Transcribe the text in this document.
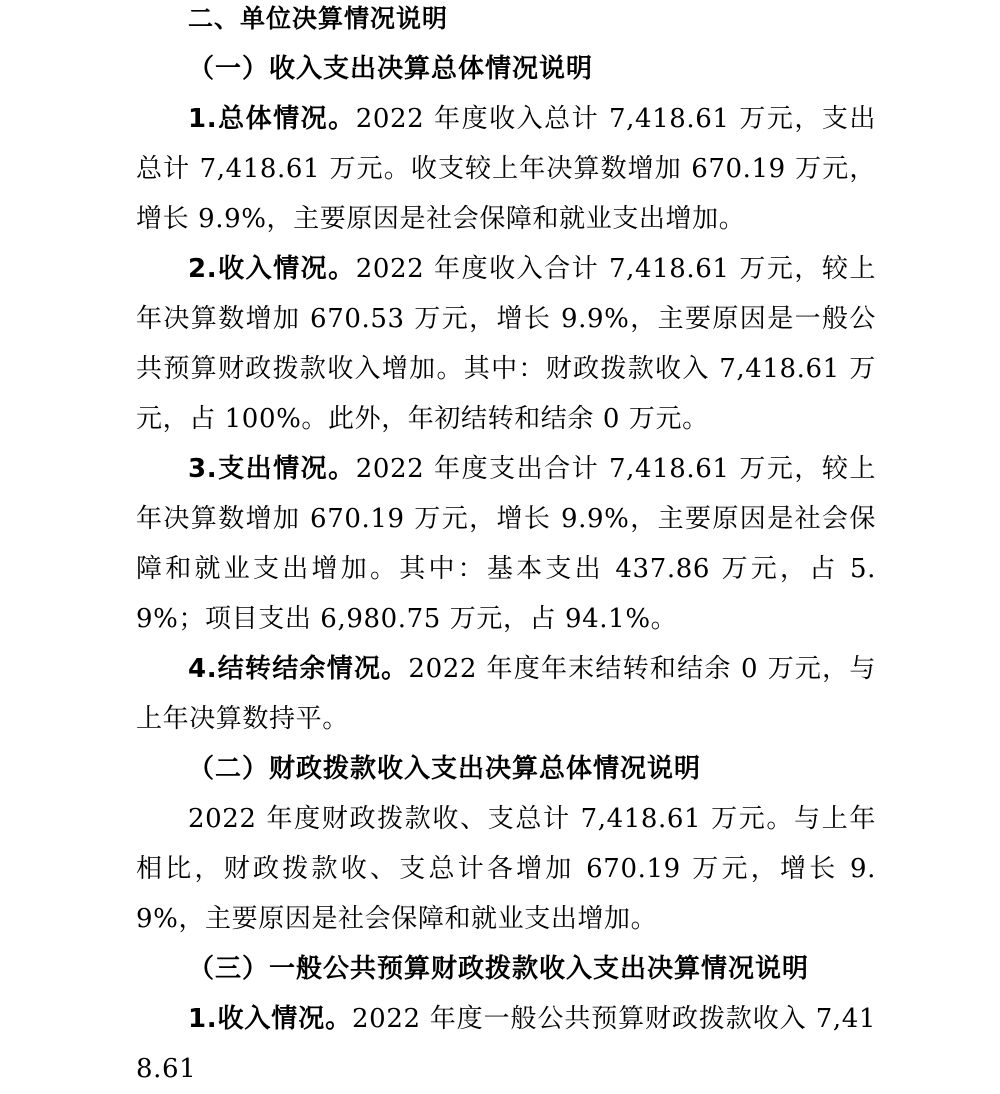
二、单位决算情况说明
（一）收入支出决算总体情况说明

1.总体情况。2022 年度收入总计 7,418.61 万元，支出总计 7,418.61 万元。收支较上年决算数增加 670.19 万元，增长 9.9%，主要原因是社会保障和就业支出增加。

2.收入情况。2022 年度收入合计 7,418.61 万元，较上年决算数增加 670.53 万元，增长 9.9%，主要原因是一般公共预算财政拨款收入增加。其中：财政拨款收入 7,418.61 万元，占 100%。此外，年初结转和结余 0 万元。

3.支出情况。2022 年度支出合计 7,418.61 万元，较上年决算数增加 670.19 万元，增长 9.9%，主要原因是社会保障和就业支出增加。其中：基本支出 437.86 万元，占 5.9%；项目支出 6,980.75 万元，占 94.1%。

4.结转结余情况。2022 年度年末结转和结余 0 万元，与上年决算数持平。

（二）财政拨款收入支出决算总体情况说明

2022 年度财政拨款收、支总计 7,418.61 万元。与上年相比，财政拨款收、支总计各增加 670.19 万元，增长 9.9%，主要原因是社会保障和就业支出增加。

（三）一般公共预算财政拨款收入支出决算情况说明

1.收入情况。2022 年度一般公共预算财政拨款收入 7,418.61
